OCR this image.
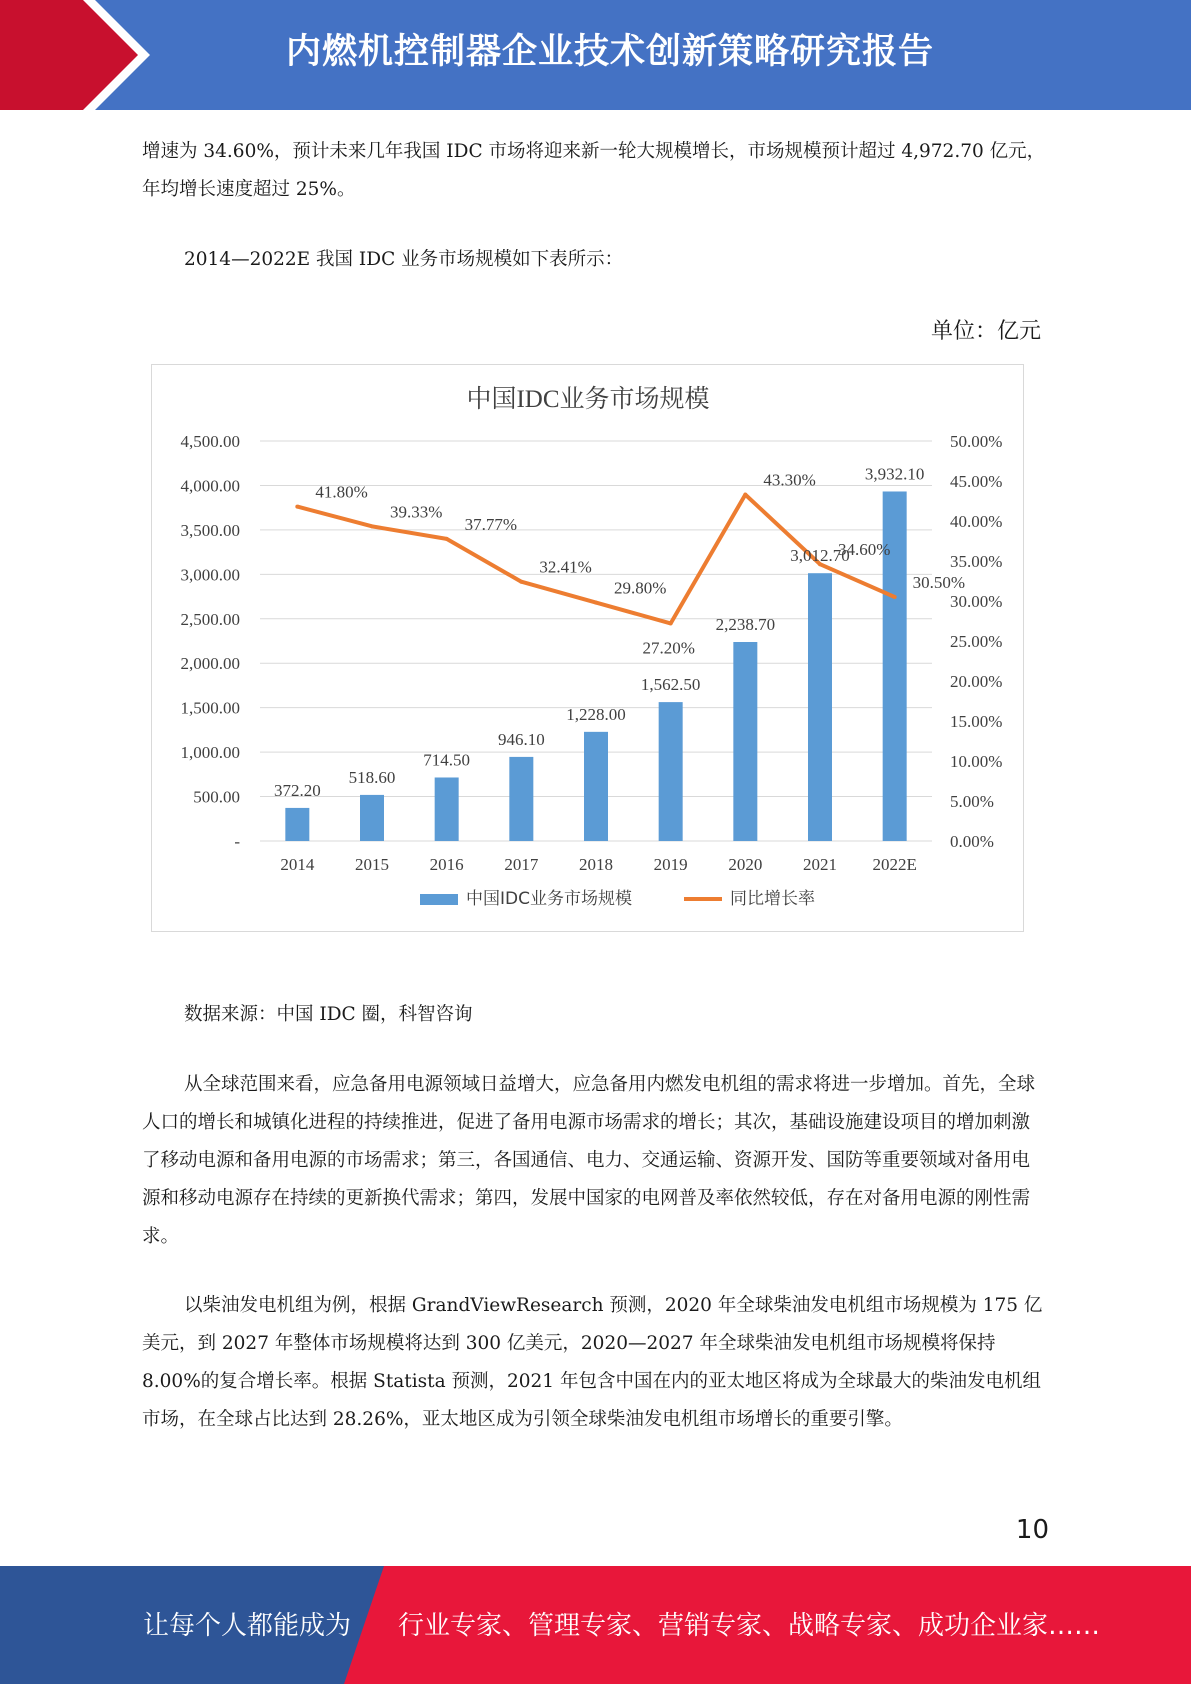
内燃机控制器企业技术创新策略研究报告

增速为 34.60%，预计未来几年我国 IDC 市场将迎来新一轮大规模增长，市场规模预计超过 4,972.70 亿元，年均增长速度超过 25%。

2014—2022E 我国 IDC 业务市场规模如下表所示：

单位：亿元
中国IDC业务市场规模
372.20
518.60
714.50
946.10
1,228.00
1,562.50
2,238.70
3,012.70
3,932.10
41.80%
39.33%
37.77%
32.41%
29.80%
27.20%
43.30%
34.60%
30.50%
-
500.00
1,000.00
1,500.00
2,000.00
2,500.00
3,000.00
3,500.00
4,000.00
4,500.00
0.00%
5.00%
10.00%
15.00%
20.00%
25.00%
30.00%
35.00%
40.00%
45.00%
50.00%
2014 2015 2016 2017 2018 2019 2020 2021 2022E
中国IDC业务市场规模	同比增长率
数据来源：中国 IDC 圈，科智咨询

从全球范围来看，应急备用电源领域日益增大，应急备用内燃发电机组的需求将进一步增加。首先，全球人口的增长和城镇化进程的持续推进，促进了备用电源市场需求的增长；其次，基础设施建设项目的增加刺激了移动电源和备用电源的市场需求；第三，各国通信、电力、交通运输、资源开发、国防等重要领域对备用电源和移动电源存在持续的更新换代需求；第四，发展中国家的电网普及率依然较低，存在对备用电源的刚性需求。

以柴油发电机组为例，根据 GrandViewResearch 预测，2020 年全球柴油发电机组市场规模为 175 亿美元，到 2027 年整体市场规模将达到 300 亿美元，2020—2027 年全球柴油发电机组市场规模将保持 8.00%的复合增长率。根据 Statista 预测，2021 年包含中国在内的亚太地区将成为全球最大的柴油发电机组市场，在全球占比达到 28.26%，亚太地区成为引领全球柴油发电机组市场增长的重要引擎。

10
让每个人都能成为 行业专家、管理专家、营销专家、战略专家、成功企业家……
